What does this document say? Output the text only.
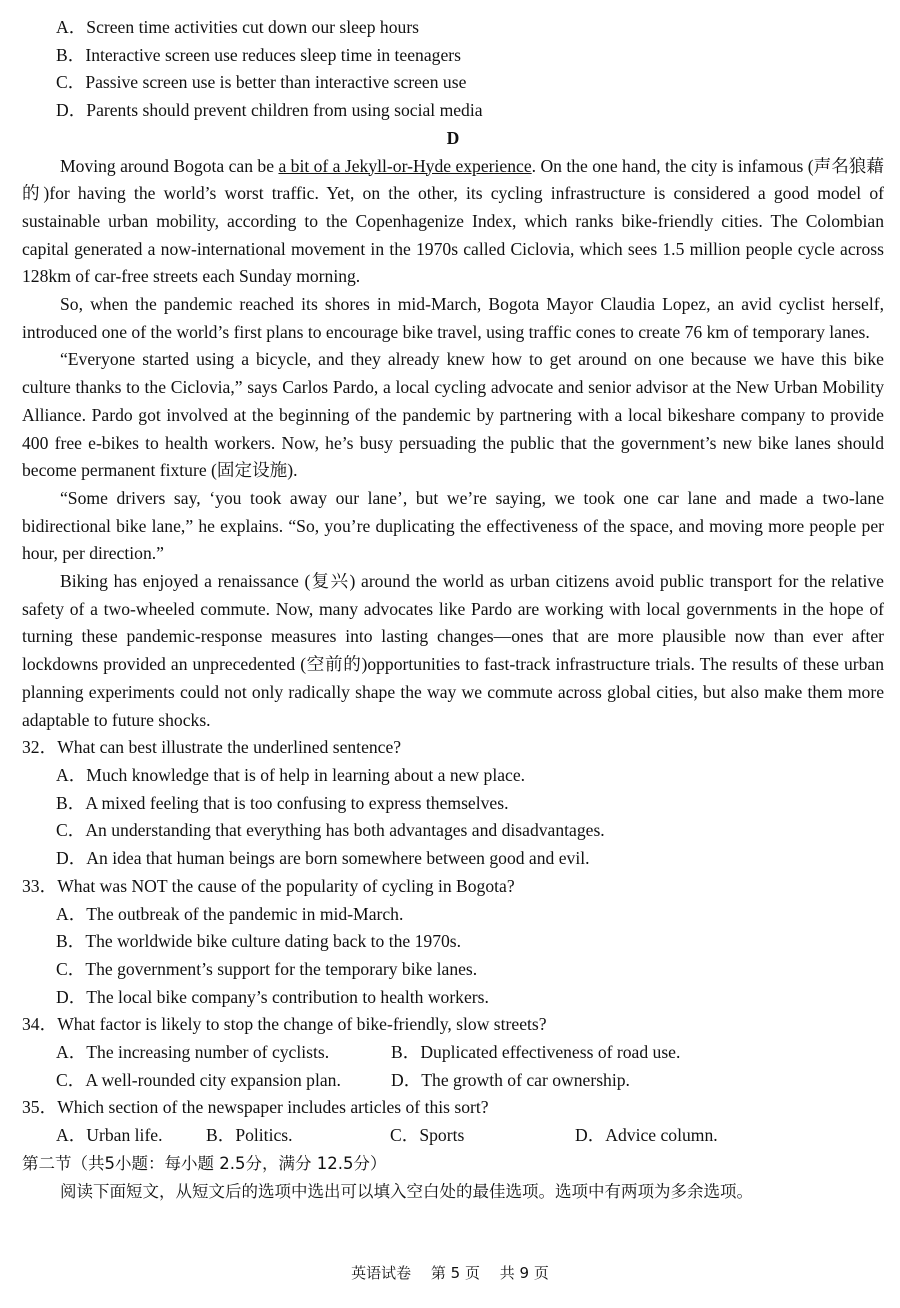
A．Screen time activities cut down our sleep hours
B．Interactive screen use reduces sleep time in teenagers
C．Passive screen use is better than interactive screen use
D．Parents should prevent children from using social media
D

Moving around Bogota can be a bit of a Jekyll-or-Hyde experience. On the one hand, the city is infamous (声名狼藉的)for having the world’s worst traffic. Yet, on the other, its cycling infrastructure is considered a good model of sustainable urban mobility, according to the Copenhagenize Index, which ranks bike-friendly cities. The Colombian capital generated a now-international movement in the 1970s called Ciclovia, which sees 1.5 million people cycle across 128km of car-free streets each Sunday morning.

So, when the pandemic reached its shores in mid-March, Bogota Mayor Claudia Lopez, an avid cyclist herself, introduced one of the world’s first plans to encourage bike travel, using traffic cones to create 76 km of temporary lanes.

“Everyone started using a bicycle, and they already knew how to get around on one because we have this bike culture thanks to the Ciclovia,” says Carlos Pardo, a local cycling advocate and senior advisor at the New Urban Mobility Alliance. Pardo got involved at the beginning of the pandemic by partnering with a local bikeshare company to provide 400 free e-bikes to health workers. Now, he’s busy persuading the public that the government’s new bike lanes should become permanent fixture (固定设施).

“Some drivers say, ‘you took away our lane’, but we’re saying, we took one car lane and made a two-lane bidirectional bike lane,” he explains. “So, you’re duplicating the effectiveness of the space, and moving more people per hour, per direction.”

Biking has enjoyed a renaissance (复兴) around the world as urban citizens avoid public transport for the relative safety of a two-wheeled commute. Now, many advocates like Pardo are working with local governments in the hope of turning these pandemic-response measures into lasting changes—ones that are more plausible now than ever after lockdowns provided an unprecedented (空前的)opportunities to fast-track infrastructure trials. The results of these urban planning experiments could not only radically shape the way we commute across global cities, but also make them more adaptable to future shocks.

32．What can best illustrate the underlined sentence?
A．Much knowledge that is of help in learning about a new place.
B．A mixed feeling that is too confusing to express themselves.
C．An understanding that everything has both advantages and disadvantages.
D．An idea that human beings are born somewhere between good and evil.
33．What was NOT the cause of the popularity of cycling in Bogota?
A．The outbreak of the pandemic in mid-March.
B．The worldwide bike culture dating back to the 1970s.
C．The government’s support for the temporary bike lanes.
D．The local bike company’s contribution to health workers.
34．What factor is likely to stop the change of bike-friendly, slow streets?
A．The increasing number of cyclists.	B．Duplicated effectiveness of road use.
C．A well-rounded city expansion plan.	D．The growth of car ownership.
35．Which section of the newspaper includes articles of this sort?
A．Urban life.	B．Politics.	C．Sports	D．Advice column.
第二节（共5小题：每小题 2.5分，满分 12.5分）
阅读下面短文，从短文后的选项中选出可以填入空白处的最佳选项。选项中有两项为多余选项。
英语试卷　 第 5 页　 共 9 页
